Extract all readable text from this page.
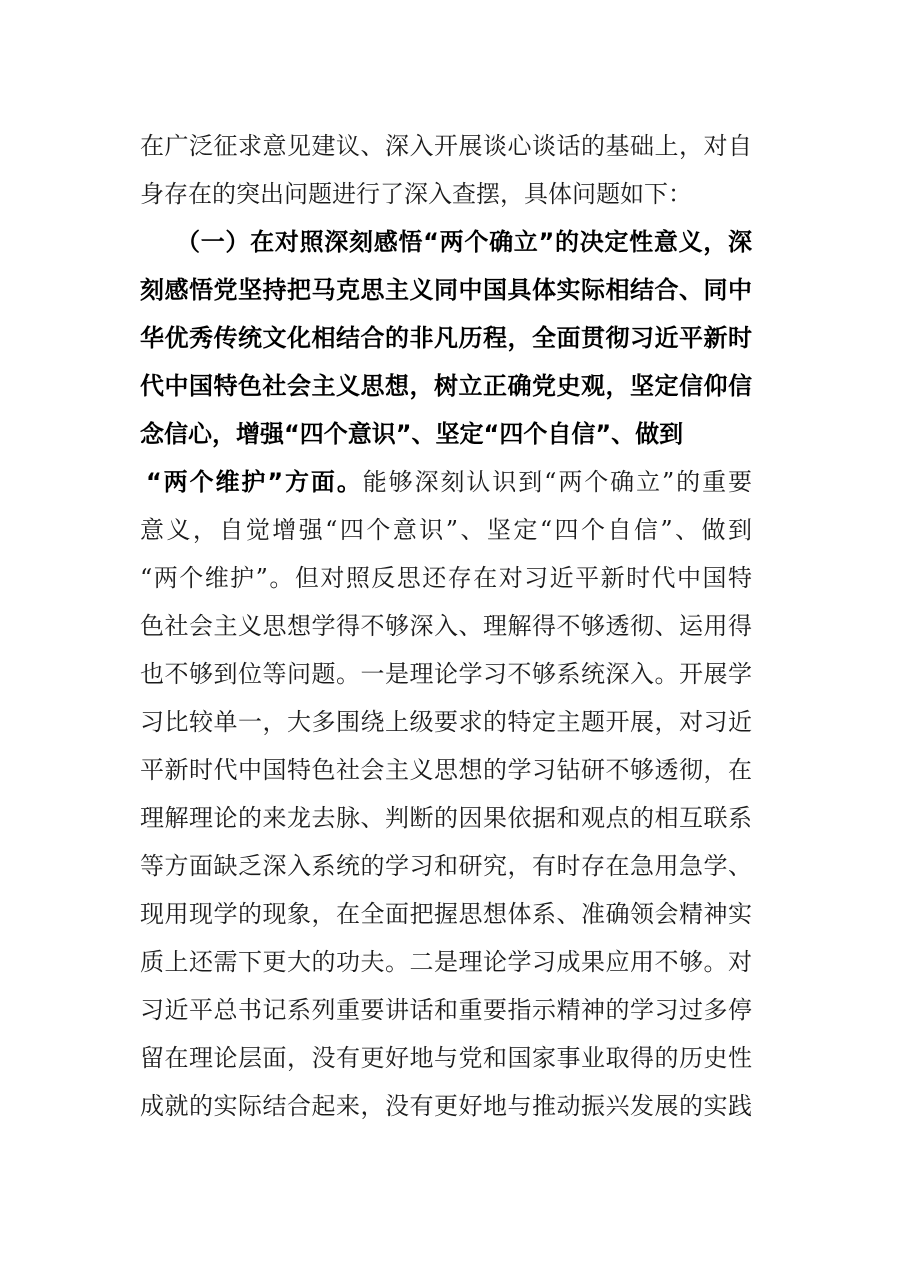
在广泛征求意见建议、深入开展谈心谈话的基础上，对自
身存在的突出问题进行了深入查摆，具体问题如下：
（一）在对照深刻感悟“两个确立”的决定性意义，深
刻感悟党坚持把马克思主义同中国具体实际相结合、同中
华优秀传统文化相结合的非凡历程，全面贯彻习近平新时
代中国特色社会主义思想，树立正确党史观，坚定信仰信
念信心，增强“四个意识”、坚定“四个自信”、做到
“两个维护”方面。能够深刻认识到“两个确立”的重要
意义，自觉增强“四个意识”、坚定“四个自信”、做到
“两个维护”。但对照反思还存在对习近平新时代中国特
色社会主义思想学得不够深入、理解得不够透彻、运用得
也不够到位等问题。一是理论学习不够系统深入。开展学
习比较单一，大多围绕上级要求的特定主题开展，对习近
平新时代中国特色社会主义思想的学习钻研不够透彻，在
理解理论的来龙去脉、判断的因果依据和观点的相互联系
等方面缺乏深入系统的学习和研究，有时存在急用急学、
现用现学的现象，在全面把握思想体系、准确领会精神实
质上还需下更大的功夫。二是理论学习成果应用不够。对
习近平总书记系列重要讲话和重要指示精神的学习过多停
留在理论层面，没有更好地与党和国家事业取得的历史性
成就的实际结合起来，没有更好地与推动振兴发展的实践
